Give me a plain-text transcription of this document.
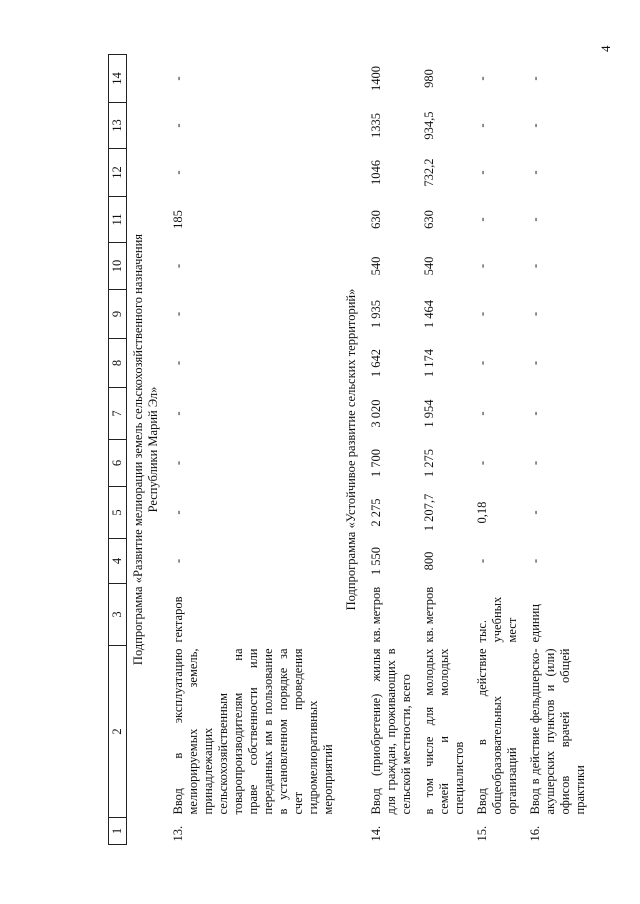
4
1	2	3	4	5	6	7	8	9	10	11	12	13	14

Подпрограмма «Развитие мелиорации земель сельскохозяйственного назначения Республики Марий Эл»													

13.	Ввод в эксплуатацию мелиорируемых земель, принадлежащих сельскохозяйственным товаропроизводителям на праве собственности или переданных им в пользование в установленном порядке за счет проведения гидромелиоративных мероприятий	гектаров	-	-	-	-	-	-	-	185	-	-	-
Подпрограмма «Устойчивое развитие сельских территорий»													
14.	Ввод (приобретение) жилья для граждан, проживающих в сельской местности, всего	кв. метров	1 550	2 275	1 700	3 020	1 642	1 935	540	630	1046	1335	1400
	в том числе для молодых семей и молодых специалистов	кв. метров	800	1 207,7	1 275	1 954	1 174	1 464	540	630	732,2	934,5	980
15.	Ввод в действие общеобразовательных организаций	тыс. учебных мест	-	0,18	-	-	-	-	-	-	-	-	-
16.	Ввод в действие фельдшерско-акушерских пунктов и (или) офисов врачей общей практики	единиц	-	-	-	-	-	-	-	-	-	-	-
